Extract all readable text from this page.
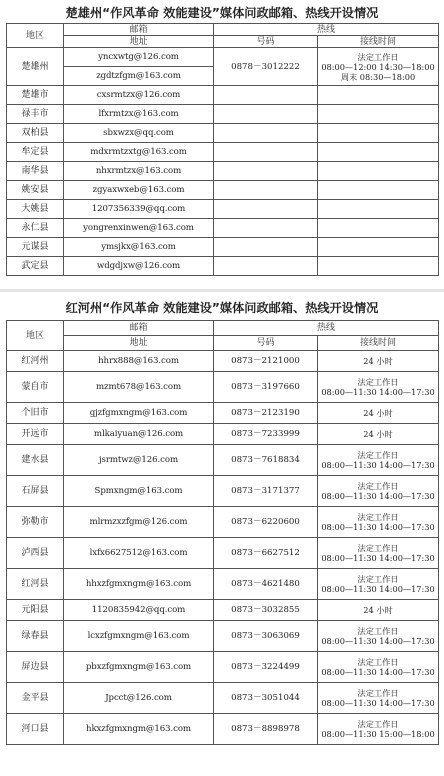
楚雄州“作风革命 效能建设”媒体问政邮箱、热线开设情况
地区	邮箱	热线	
	地址	号码	接线时间
楚雄州	yncxwtg@126.com	0878－3012222	法定工作日
08:00—12:00 14:30—18:00
周末 08:30—18:00

	zgdtzfgm@163.com		
楚雄市	cxsrmtzx@126.com		
禄丰市	lfxrmtzx@163.com		
双柏县	sbxwzx@qq.com		
牟定县	mdxrmtzxtg@163.com		
南华县	nhxrmtzx@163.com		
姚安县	zgyaxwxeb@163.com		
大姚县	1207356339@qq.com		
永仁县	yongrenxinwen@163.com		
元谋县	ymsjkx@163.com		
武定县	wdgdjxw@126.com		
红河州“作风革命 效能建设”媒体问政邮箱、热线开设情况
地区	邮箱	热线	
	地址	号码	接线时间
红河州	hhrx888@163.com	0873－2121000	24 小时

蒙自市	mzmt678@163.com	0873－3197660	法定工作日
08:00—11:30 14:00—17:30

个旧市	gjzfgmxngm@163.com	0873－2123190	24 小时

开远市	mlkaiyuan@126.com	0873－7233999	24 小时

建水县	jsrmtwz@126.com	0873－7618834	法定工作日
08:00—11:30 14:00—17:30

石屏县	Spmxngm@163.com	0873－3171377	法定工作日
08:00—11:30 14:00—17:30

弥勒市	mlrmzxzfgm@126.com	0873－6220600	法定工作日
08:00—11:30 14:00—17:30

泸西县	lxfx6627512@163.com	0873－6627512	法定工作日
08:00—11:30 14:00—17:30

红河县	hhxzfgmxngm@163.com	0873－4621480	法定工作日
08:00—11:30 14:00—17:30

元阳县	1120835942@qq.com	0873－3032855	24 小时

绿春县	lcxzfgmxngm@163.com	0873－3063069	法定工作日
08:00—11:30 14:00—17:30

屏边县	pbxzfgmxngm@163.com	0873－3224499	法定工作日
08:00—11:30 14:00—17:30

金平县	Jpcct@126.com	0873－3051044	法定工作日
08:00—11:30 14:00—17:30

河口县	hkxzfgmxngm@163.com	0873－8898978	法定工作日
08:00—11:30 15:00—18:00
